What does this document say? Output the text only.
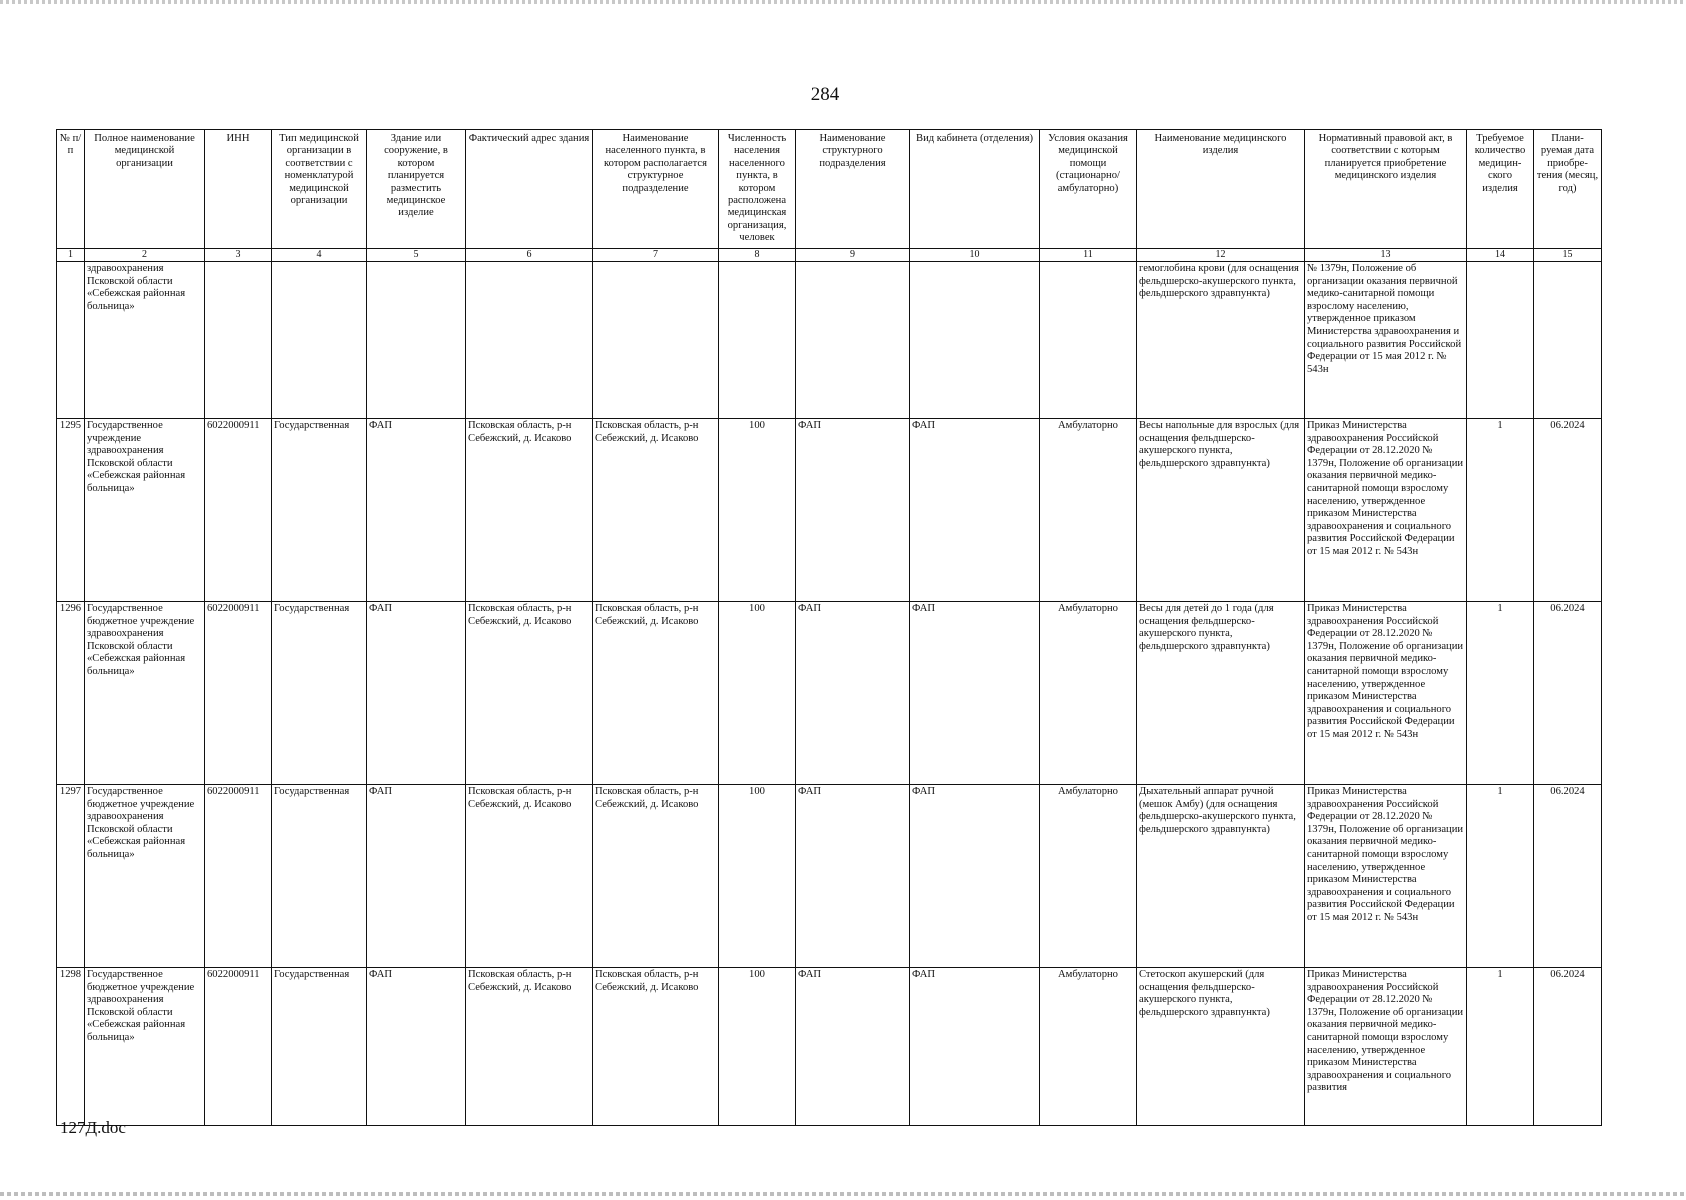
284
№ п/п	Полное наименование медицинской организации	ИНН	Тип медицинской организации в соответствии с номенклатурой медицинской организации	Здание или сооружение, в котором планируется разместить медицинское изделие	Фактический адрес здания	Наименование населенного пункта, в котором располагается структурное подразделение	Численность населения населенного пункта, в котором расположена медицинская организация, человек	Наименование структурного подразделения	Вид кабинета (отделения)	Условия оказания медицинской помощи (стационарно/ амбулаторно)	Наименование медицинского изделия	Нормативный правовой акт, в соответствии с которым планируется приобретение медицинского изделия	Требуемое количество медицин-ского изделия	Плани-руемая дата приобре-тения (месяц, год)
1	2	3	4	5	6	7	8	9	10	11	12	13	14	15
	здравоохранения Псковской области «Себежская районная больница»										гемоглобина крови (для оснащения фельдшерско-акушерского пункта, фельдшерского здравпункта)	№ 1379н, Положение об организации оказания первичной медико-санитарной помощи взрослому населению, утвержденное приказом Министерства здравоохранения и социального развития Российской Федерации от 15 мая 2012 г. № 543н		
1295	Государственное учреждение здравоохранения Псковской области «Себежская районная больница»	6022000911	Государственная	ФАП	Псковская область, р-н Себежский, д. Исаково	Псковская область, р-н Себежский, д. Исаково	100	ФАП	ФАП	Амбулаторно	Весы напольные для взрослых (для оснащения фельдшерско-акушерского пункта, фельдшерского здравпункта)	Приказ Министерства здравоохранения Российской Федерации от 28.12.2020 № 1379н, Положение об организации оказания первичной медико-санитарной помощи взрослому населению, утвержденное приказом Министерства здравоохранения и социального развития Российской Федерации от 15 мая 2012 г. № 543н	1	06.2024
1296	Государственное бюджетное учреждение здравоохранения Псковской области «Себежская районная больница»	6022000911	Государственная	ФАП	Псковская область, р-н Себежский, д. Исаково	Псковская область, р-н Себежский, д. Исаково	100	ФАП	ФАП	Амбулаторно	Весы для детей до 1 года (для оснащения фельдшерско-акушерского пункта, фельдшерского здравпункта)	Приказ Министерства здравоохранения Российской Федерации от 28.12.2020 № 1379н, Положение об организации оказания первичной медико-санитарной помощи взрослому населению, утвержденное приказом Министерства здравоохранения и социального развития Российской Федерации от 15 мая 2012 г. № 543н	1	06.2024
1297	Государственное бюджетное учреждение здравоохранения Псковской области «Себежская районная больница»	6022000911	Государственная	ФАП	Псковская область, р-н Себежский, д. Исаково	Псковская область, р-н Себежский, д. Исаково	100	ФАП	ФАП	Амбулаторно	Дыхательный аппарат ручной (мешок Амбу) (для оснащения фельдшерско-акушерского пункта, фельдшерского здравпункта)	Приказ Министерства здравоохранения Российской Федерации от 28.12.2020 № 1379н, Положение об организации оказания первичной медико-санитарной помощи взрослому населению, утвержденное приказом Министерства здравоохранения и социального развития Российской Федерации от 15 мая 2012 г. № 543н	1	06.2024
1298	Государственное бюджетное учреждение здравоохранения Псковской области «Себежская районная больница»	6022000911	Государственная	ФАП	Псковская область, р-н Себежский, д. Исаково	Псковская область, р-н Себежский, д. Исаково	100	ФАП	ФАП	Амбулаторно	Стетоскоп акушерский (для оснащения фельдшерско-акушерского пункта, фельдшерского здравпункта)	Приказ Министерства здравоохранения Российской Федерации от 28.12.2020 № 1379н, Положение об организации оказания первичной медико-санитарной помощи взрослому населению, утвержденное приказом Министерства здравоохранения и социального развития	1	06.2024
127Д.doc
